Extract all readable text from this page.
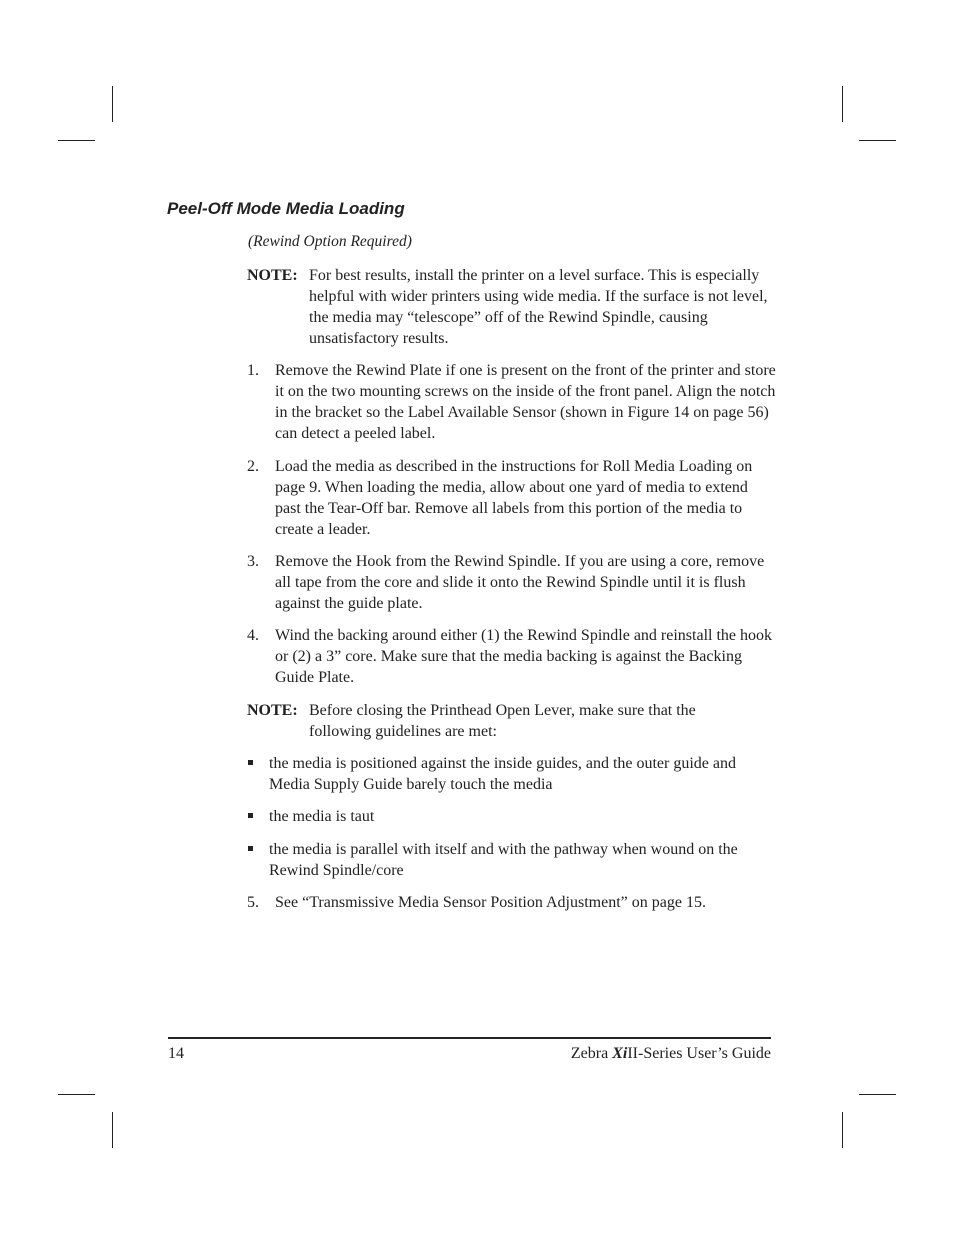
Peel-Off Mode Media Loading

(Rewind Option Required)

NOTE: For best results, install the printer on a level surface. This is especially helpful with wider printers using wide media. If the surface is not level, the media may “telescope” off of the Rewind Spindle, causing unsatisfactory results.
1. Remove the Rewind Plate if one is present on the front of the printer and store it on the two mounting screws on the inside of the front panel. Align the notch in the bracket so the Label Available Sensor (shown in Figure 14 on page 56) can detect a peeled label.
2. Load the media as described in the instructions for Roll Media Loading on page 9. When loading the media, allow about one yard of media to extend past the Tear-Off bar. Remove all labels from this portion of the media to create a leader.
3. Remove the Hook from the Rewind Spindle. If you are using a core, remove all tape from the core and slide it onto the Rewind Spindle until it is flush against the guide plate.
4. Wind the backing around either (1) the Rewind Spindle and reinstall the hook or (2) a 3” core. Make sure that the media backing is against the Backing Guide Plate.
NOTE: Before closing the Printhead Open Lever, make sure that the following guidelines are met:
the media is positioned against the inside guides, and the outer guide and Media Supply Guide barely touch the media
the media is taut
the media is parallel with itself and with the pathway when wound on the Rewind Spindle/core
5. See “Transmissive Media Sensor Position Adjustment” on page 15.
14	Zebra XiII-Series User’s Guide
